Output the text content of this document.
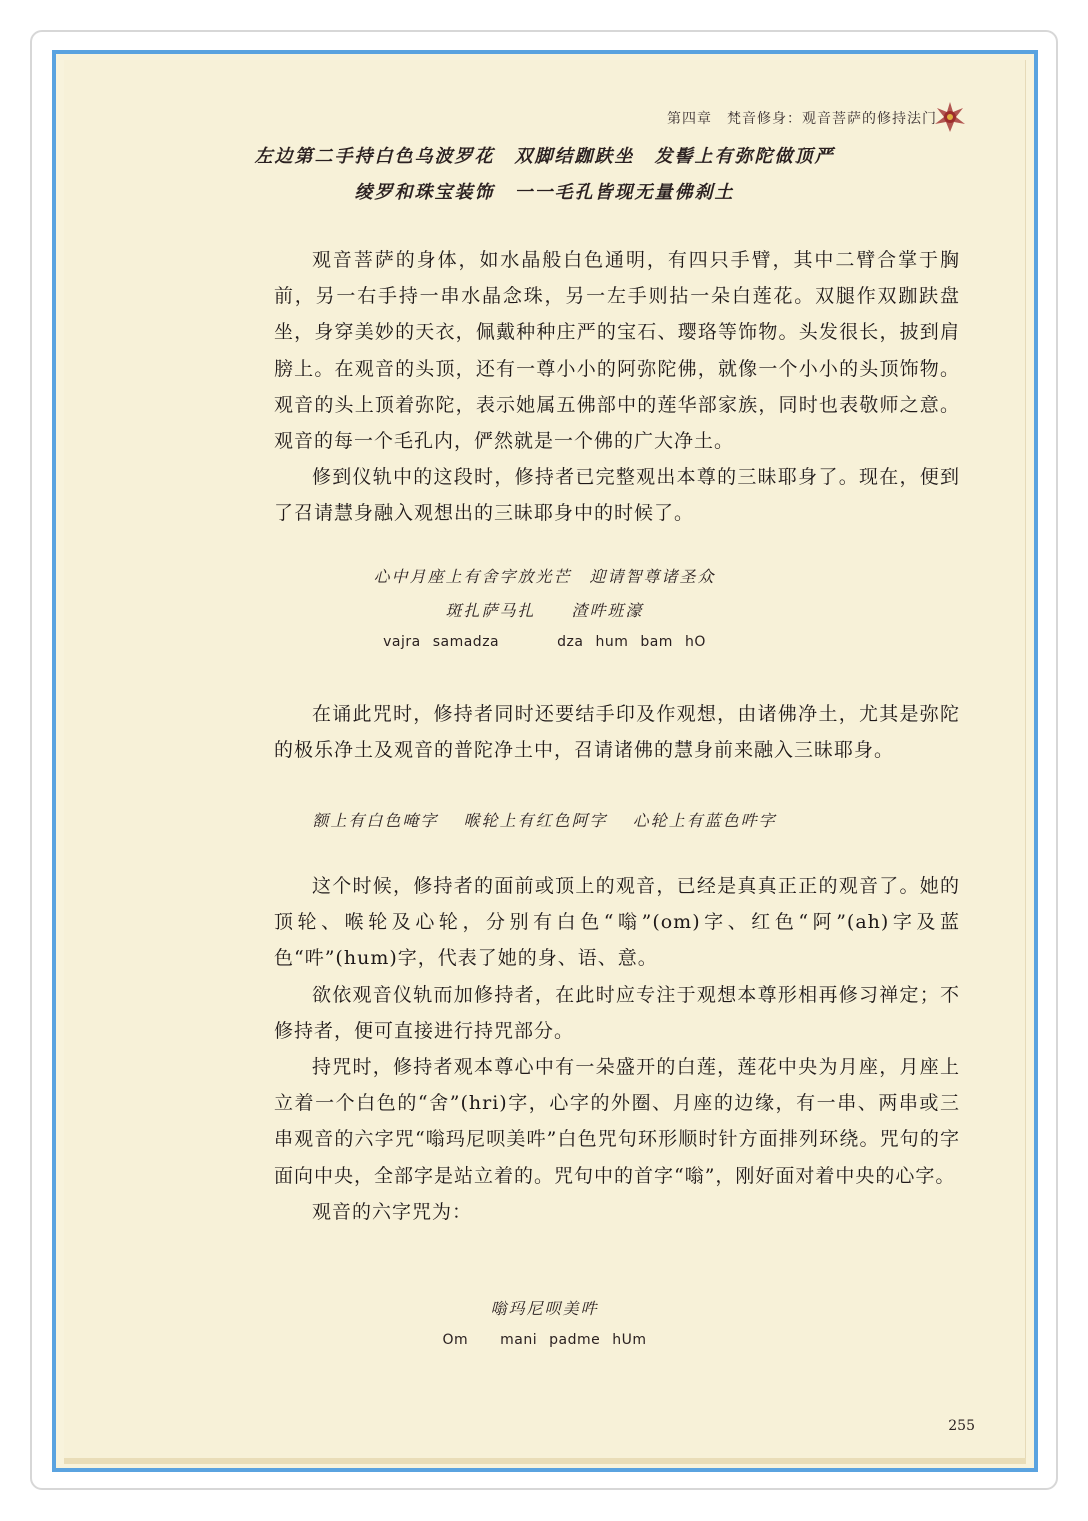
第四章　梵音修身：观音菩萨的修持法门
左边第二手持白色乌波罗花　双脚结跏趺坐　发髻上有弥陀做顶严
绫罗和珠宝装饰　一一毛孔皆现无量佛刹土

观音菩萨的身体，如水晶般白色通明，有四只手臂，其中二臂合掌于胸前，另一右手持一串水晶念珠，另一左手则拈一朵白莲花。双腿作双跏趺盘坐，身穿美妙的天衣，佩戴种种庄严的宝石、璎珞等饰物。头发很长，披到肩膀上。在观音的头顶，还有一尊小小的阿弥陀佛，就像一个小小的头顶饰物。观音的头上顶着弥陀，表示她属五佛部中的莲华部家族，同时也表敬师之意。观音的每一个毛孔内，俨然就是一个佛的广大净土。

修到仪轨中的这段时，修持者已完整观出本尊的三昧耶身了。现在，便到了召请慧身融入观想出的三昧耶身中的时候了。

心中月座上有舍字放光芒　迎请智尊诸圣众
斑扎萨马扎　　渣吽班濠
vajra samadza	dza hum bam hO

在诵此咒时，修持者同时还要结手印及作观想，由诸佛净土，尤其是弥陀的极乐净土及观音的普陀净土中，召请诸佛的慧身前来融入三昧耶身。

额上有白色唵字　 喉轮上有红色阿字　 心轮上有蓝色吽字

这个时候，修持者的面前或顶上的观音，已经是真真正正的观音了。她的顶轮、喉轮及心轮，分别有白色“嗡”(om)字、红色“阿”(ah)字及蓝色“吽”(hum)字，代表了她的身、语、意。

欲依观音仪轨而加修持者，在此时应专注于观想本尊形相再修习禅定；不修持者，便可直接进行持咒部分。

持咒时，修持者观本尊心中有一朵盛开的白莲，莲花中央为月座，月座上立着一个白色的“舍”(hri)字，心字的外圈、月座的边缘，有一串、两串或三串观音的六字咒“嗡玛尼呗美吽”白色咒句环形顺时针方面排列环绕。咒句的字面向中央，全部字是站立着的。咒句中的首字“嗡”，刚好面对着中央的心字。

观音的六字咒为：

嗡玛尼呗美吽
Om mani padme hUm
255
